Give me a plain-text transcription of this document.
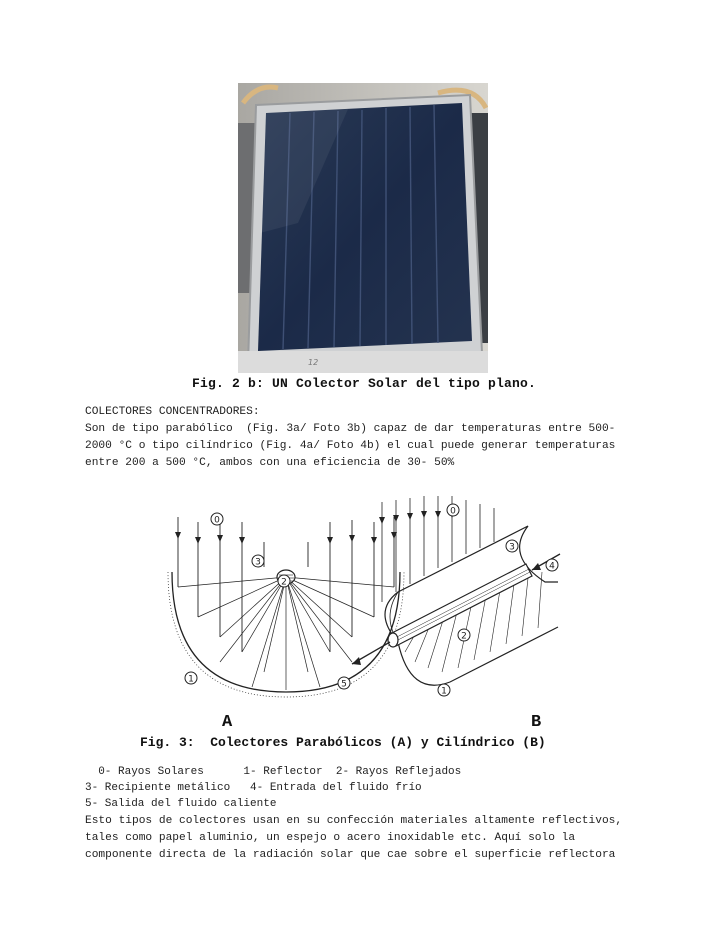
12
Fig. 2 b: UN Colector Solar del tipo plano.
COLECTORES CONCENTRADORES:
Son de tipo parabólico  (Fig. 3a/ Foto 3b) capaz de dar temperaturas entre 500-
2000 °C o tipo cilíndrico (Fig. 4a/ Foto 4b) el cual puede generar temperaturas
entre 200 a 500 °C, ambos con una eficiencia de 30- 50%
0
3
2
1
0
3
4
2
5
1
A	B
Fig. 3:  Colectores Parabólicos (A) y Cilíndrico (B)
0- Rayos Solares      1- Reflector  2- Rayos Reflejados
3- Recipiente metálico   4- Entrada del fluido frío
5- Salida del fluido caliente
Esto tipos de colectores usan en su confección materiales altamente reflectivos,
tales como papel aluminio, un espejo o acero inoxidable etc. Aquí solo la
componente directa de la radiación solar que cae sobre el superficie reflectora
